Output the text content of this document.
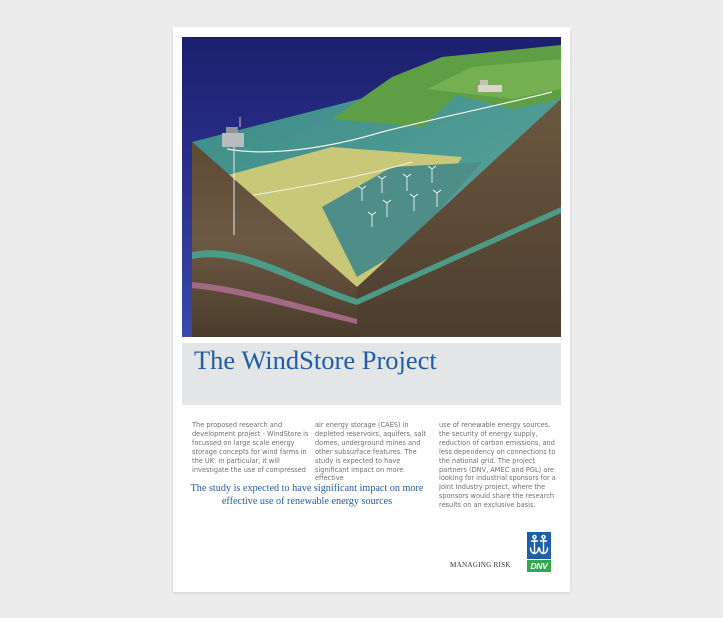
The WindStore Project

The proposed research and development project - WindStore is focussed on large scale energy storage concepts for wind farms in the UK. In particular, it will investigate the use of compressed

air energy storage (CAES) in depleted reservoirs, aquifers, salt domes, underground mines and other subsurface features. The study is expected to have significant impact on more effective

use of renewable energy sources, the security of energy supply, reduction of carbon emissions, and less dependency on connections to the national grid. The project partners (DNV, AMEC and PGL) are looking for industrial sponsors for a Joint Industry project, where the sponsors would share the research results on an exclusive basis.

The study is expected to have significant impact on more effective use of renewable energy sources

MANAGING RISK	DNV
